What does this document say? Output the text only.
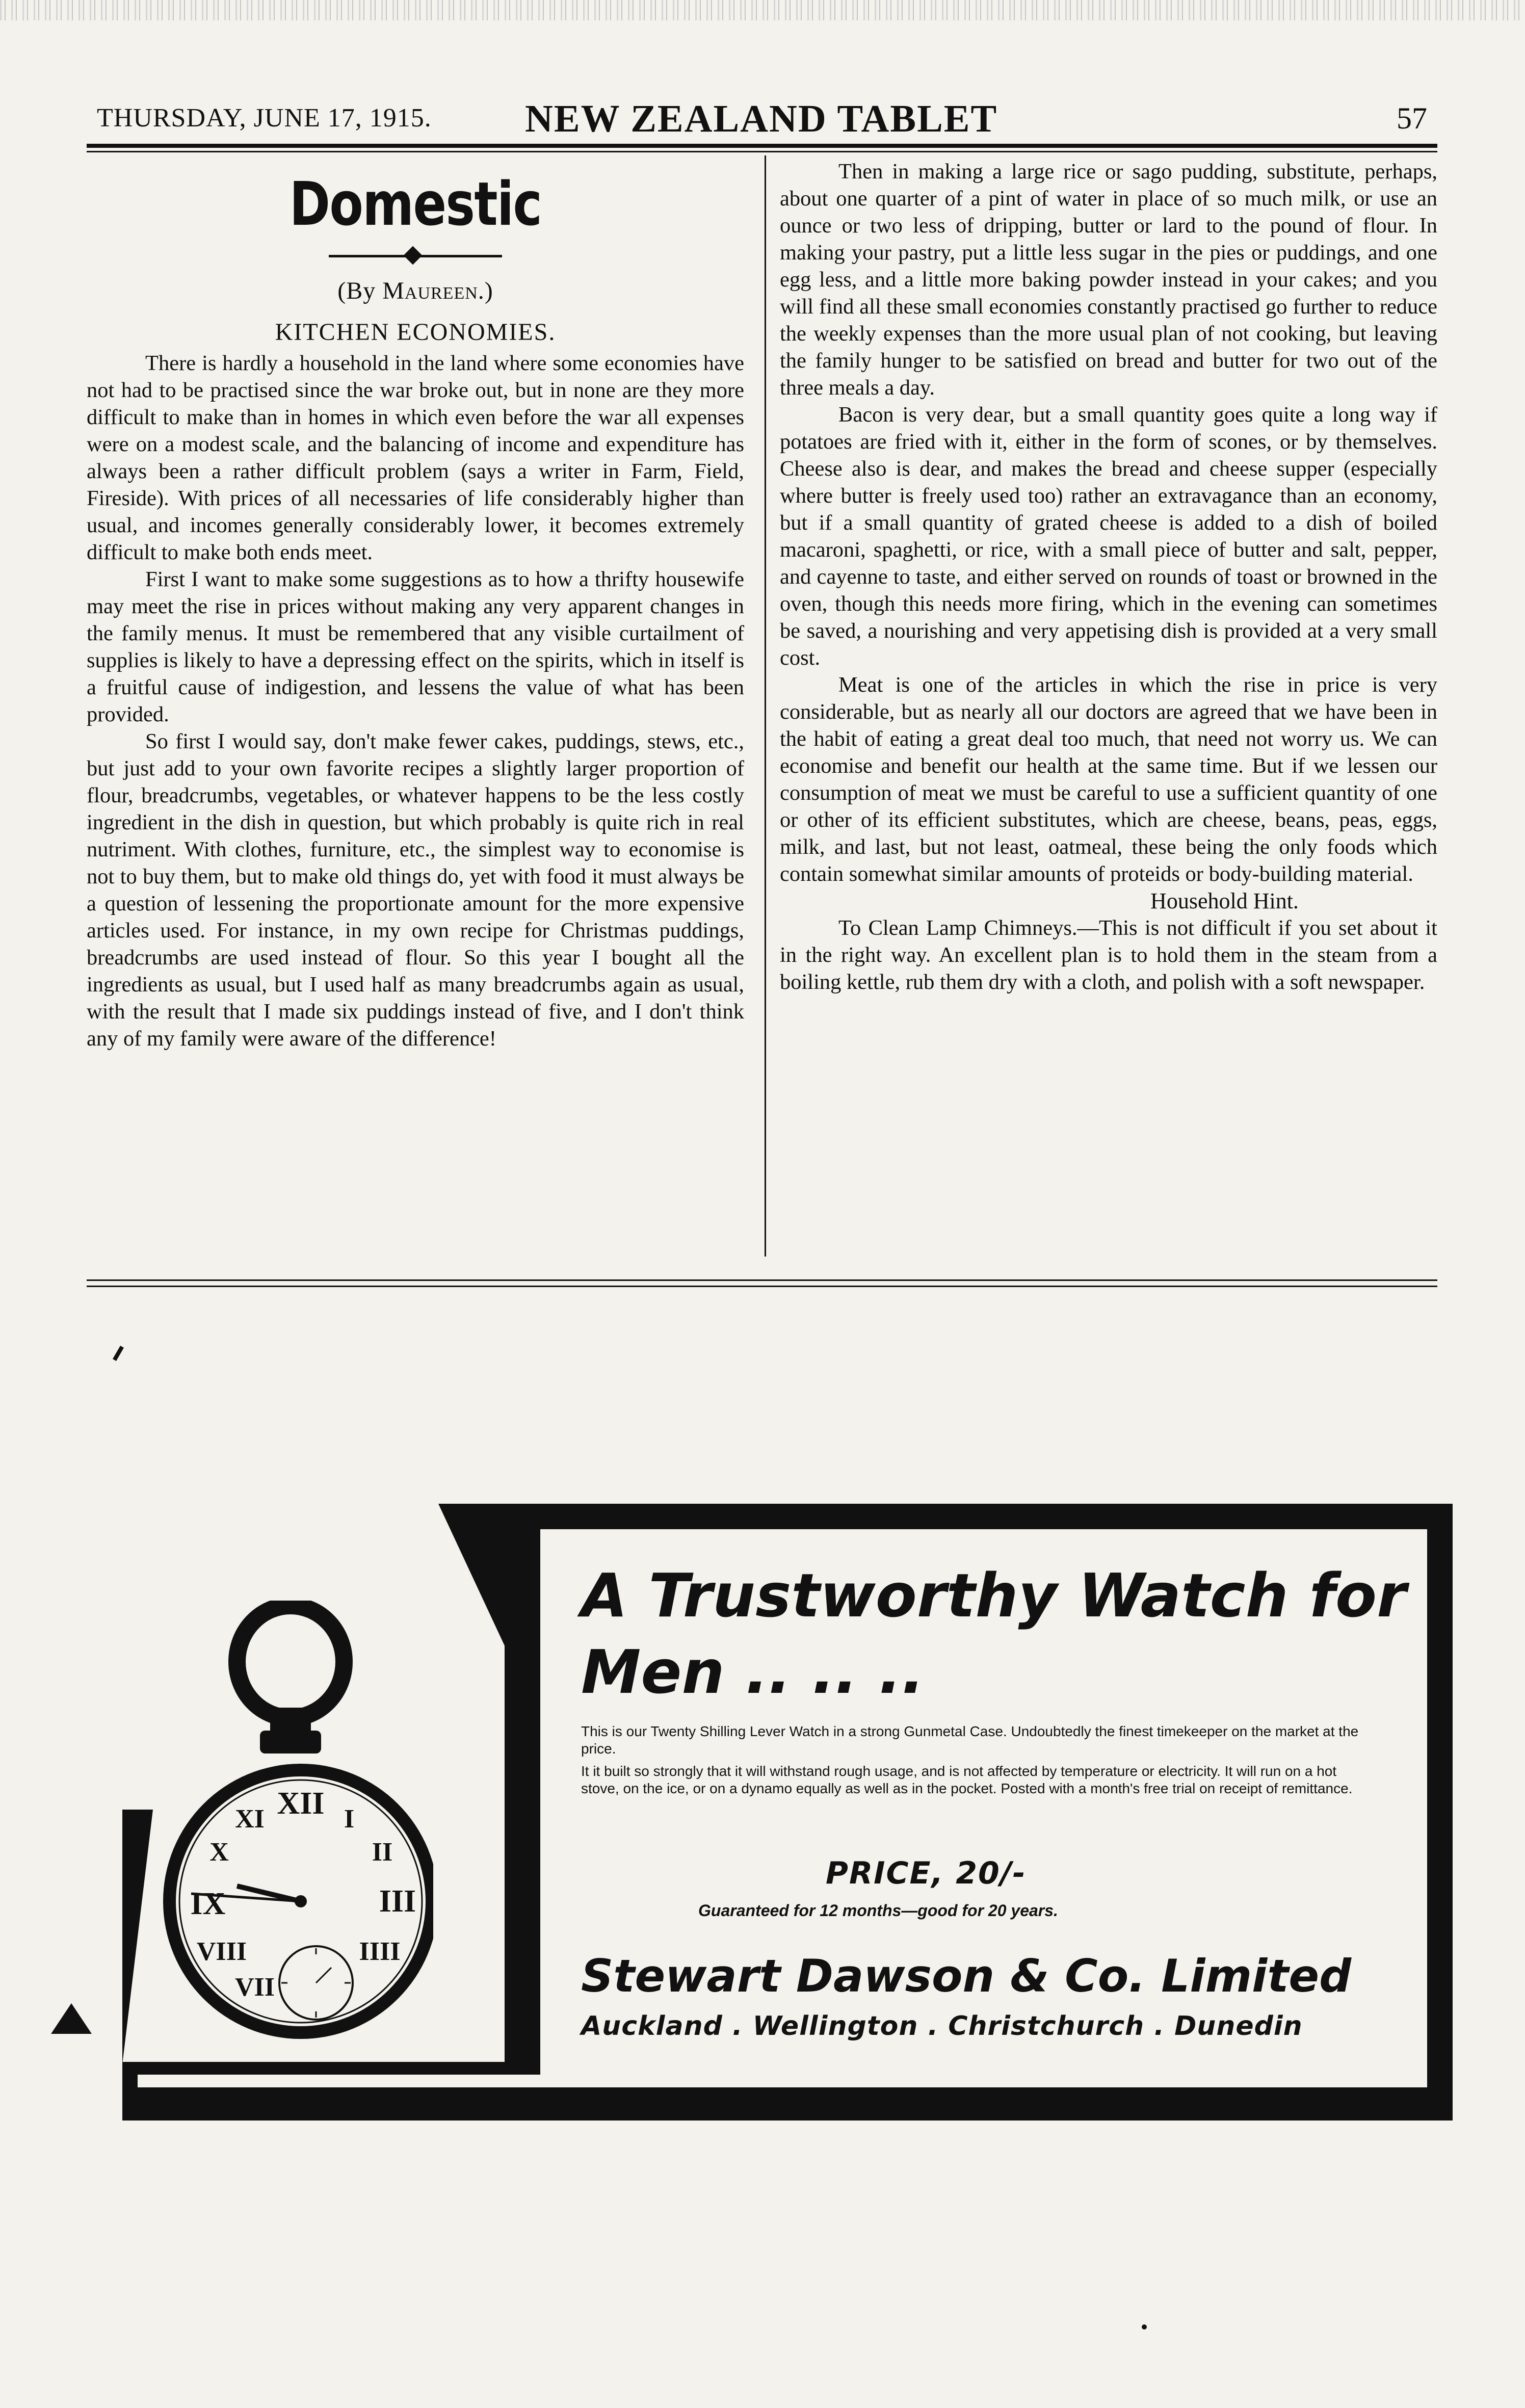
THURSDAY, JUNE 17, 1915. NEW ZEALAND TABLET	57
Domestic
(By Maureen.)
KITCHEN ECONOMIES.

There is hardly a household in the land where some economies have not had to be practised since the war broke out, but in none are they more difficult to make than in homes in which even before the war all expenses were on a modest scale, and the balancing of income and expenditure has always been a rather difficult problem (says a writer in Farm, Field, Fireside). With prices of all necessaries of life considerably higher than usual, and incomes generally considerably lower, it becomes extremely difficult to make both ends meet.

First I want to make some suggestions as to how a thrifty housewife may meet the rise in prices without making any very apparent changes in the family menus. It must be remembered that any visible curtailment of supplies is likely to have a depressing effect on the spirits, which in itself is a fruitful cause of indigestion, and lessens the value of what has been provided.

So first I would say, don't make fewer cakes, puddings, stews, etc., but just add to your own favorite recipes a slightly larger proportion of flour, breadcrumbs, vegetables, or whatever happens to be the less costly ingredient in the dish in question, but which probably is quite rich in real nutriment. With clothes, furniture, etc., the simplest way to economise is not to buy them, but to make old things do, yet with food it must always be a question of lessening the proportionate amount for the more expensive articles used. For instance, in my own recipe for Christmas puddings, breadcrumbs are used instead of flour. So this year I bought all the ingredients as usual, but I used half as many breadcrumbs again as usual, with the result that I made six puddings instead of five, and I don't think any of my family were aware of the difference!

Then in making a large rice or sago pudding, substitute, perhaps, about one quarter of a pint of water in place of so much milk, or use an ounce or two less of dripping, butter or lard to the pound of flour. In making your pastry, put a little less sugar in the pies or puddings, and one egg less, and a little more baking powder instead in your cakes; and you will find all these small economies constantly practised go further to reduce the weekly expenses than the more usual plan of not cooking, but leaving the family hunger to be satisfied on bread and butter for two out of the three meals a day.

Bacon is very dear, but a small quantity goes quite a long way if potatoes are fried with it, either in the form of scones, or by themselves. Cheese also is dear, and makes the bread and cheese supper (especially where butter is freely used too) rather an extravagance than an economy, but if a small quantity of grated cheese is added to a dish of boiled macaroni, spaghetti, or rice, with a small piece of butter and salt, pepper, and cayenne to taste, and either served on rounds of toast or browned in the oven, though this needs more firing, which in the evening can sometimes be saved, a nourishing and very appetising dish is provided at a very small cost.

Meat is one of the articles in which the rise in price is very considerable, but as nearly all our doctors are agreed that we have been in the habit of eating a great deal too much, that need not worry us. We can economise and benefit our health at the same time. But if we lessen our consumption of meat we must be careful to use a sufficient quantity of one or other of its efficient substitutes, which are cheese, beans, peas, eggs, milk, and last, but not least, oatmeal, these being the only foods which contain somewhat similar amounts of proteids or body-building material.

Household Hint.

To Clean Lamp Chimneys.—This is not difficult if you set about it in the right way. An excellent plan is to hold them in the steam from a boiling kettle, rub them dry with a cloth, and polish with a soft newspaper.

XII I
II
III
IIII
IX
X
XI
VIII
VII
A Trustworthy Watch for
Men .. .. ..
This is our Twenty Shilling Lever Watch in a strong Gunmetal Case. Undoubtedly the finest timekeeper on the market at the price.
It it built so strongly that it will withstand rough usage, and is not affected by temperature or electricity. It will run on a hot stove, on the ice, or on a dynamo equally as well as in the pocket. Posted with a month's free trial on receipt of remittance.
PRICE, 20/-
Guaranteed for 12 months—good for 20 years.
Stewart Dawson & Co. Limited
Auckland . Wellington . Christchurch . Dunedin
